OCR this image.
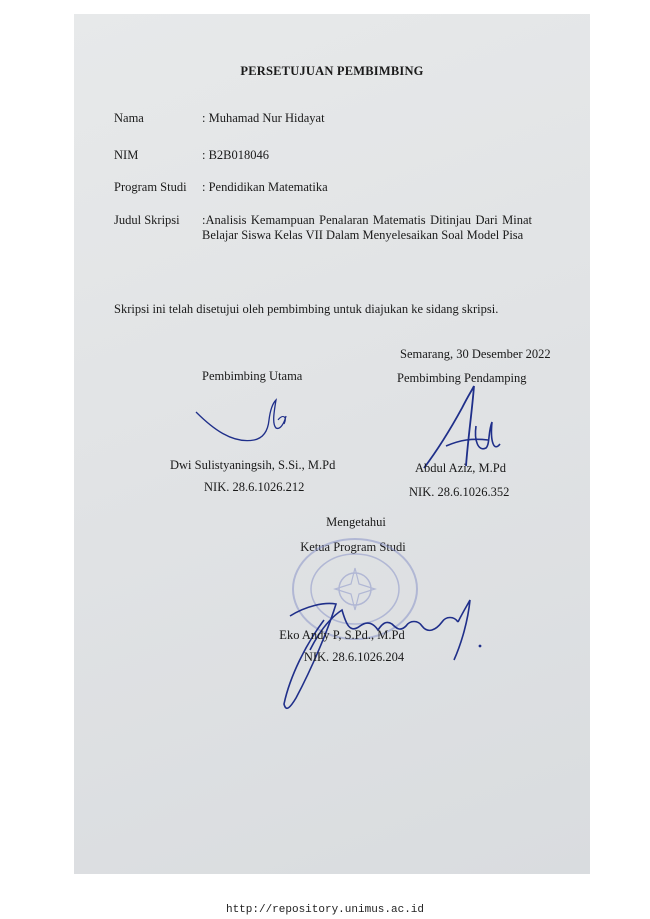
PERSETUJUAN PEMBIMBING
Nama	: Muhamad Nur Hidayat
NIM	: B2B018046
Program Studi : Pendidikan Matematika
Judul Skripsi :Analisis Kemampuan Penalaran Matematis Ditinjau Dari Minat Belajar Siswa Kelas VII Dalam Menyelesaikan Soal Model Pisa
Skripsi ini telah disetujui oleh pembimbing untuk diajukan ke sidang skripsi.
Semarang, 30 Desember 2022
Pembimbing Utama	Pembimbing Pendamping
Dwi Sulistyaningsih, S.Si., M.Pd	Abdul Aziz, M.Pd
NIK. 28.6.1026.212	NIK. 28.6.1026.352
Mengetahui
Ketua Program Studi
Eko Andy P, S.Pd., M.Pd
NIK. 28.6.1026.204
http://repository.unimus.ac.id
